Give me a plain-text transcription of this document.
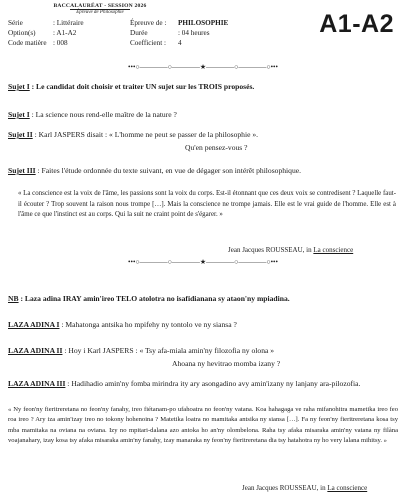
BACCALAURÉAT - SESSION 2026
Épreuve de Philosophie
Série	: Littéraire
Option(s) : A1-A2
Code matière : 008
Épreuve de : PHILOSOPHIE
Durée	: 04 heures
Coefficient : 4
A1-A2
•••○————○————★————○————○•••
Sujet I : Le candidat doit choisir et traiter UN sujet sur les TROIS proposés.
Sujet I : La science nous rend-elle maître de la nature ?
Sujet II : Karl JASPERS disait : « L'homme ne peut se passer de la philosophie ».
Qu'en pensez-vous ?
Sujet III : Faites l'étude ordonnée du texte suivant, en vue de dégager son intérêt philosophique.
« La conscience est la voix de l'âme, les passions sont la voix du corps. Est-il étonnant que ces deux voix se contredisent ? Laquelle faut-il écouter ? Trop souvent la raison nous trompe […]. Mais la conscience ne trompe jamais. Elle est le vrai guide de l'homme. Elle est à l'âme ce que l'instinct est au corps. Qui la suit ne craint point de s'égarer. »
Jean Jacques ROUSSEAU, in La conscience
•••○————○————★————○————○•••
NB : Laza adina IRAY amin'ireo TELO atolotra no isafidianana sy ataon'ny mpiadina.
LAZA ADINA I : Mahatonga antsika ho mpifehy ny tontolo ve ny siansa ?
LAZA ADINA II : Hoy i Karl JASPERS : « Tsy afa-miala amin'ny filozofia ny olona »
Ahoana ny hevitrao momba izany ?
LAZA ADINA III : Hadihadio amin'ny fomba mirindra ity ary asongadino avy amin'izany ny lanjany ara-pilozofia.
« Ny feon'ny fieritreretana no feon'ny fanahy, ireo fiétanam-po ufahoatra no feon'ny vatana. Koa hahagaga ve raha mifanohitra mametika ireo feo roa ireo ? Ary iza amin'izay ireo no tokony hohenoina ? Matetika loatra no mamitaka antsika ny siansa […]. Fa ny feon'ny fieritreretana kosa tsy mba mamitaka na oviana na oviana. Izy no mpitari-dalana azo antoka ho an'ny olombelona. Raha tsy afaka misaraka amin'ny vatana ny filàna voajanahary, izay kosa tsy afaka misaraka amin'ny fanahy, izay manaraka ny feon'ny fieritreretana dia tsy hatahotra ny ho very lalana mihitsy. »
Jean Jacques ROUSSEAU, in La conscience
